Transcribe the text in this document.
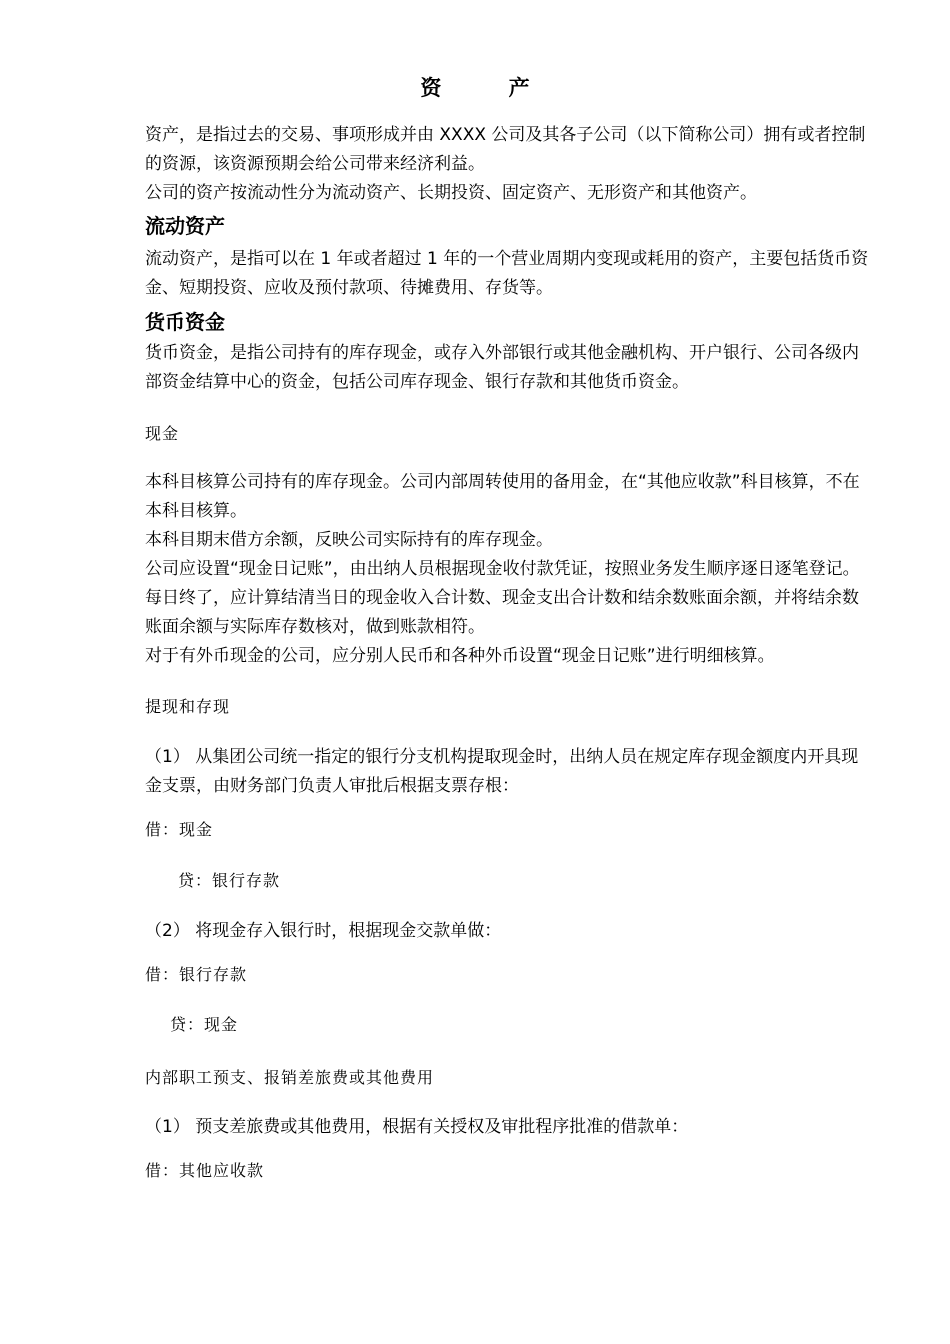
资 产

资产，是指过去的交易、事项形成并由 XXXX 公司及其各子公司（以下简称公司）拥有或者控制的资源，该资源预期会给公司带来经济利益。

公司的资产按流动性分为流动资产、长期投资、固定资产、无形资产和其他资产。

流动资产

流动资产，是指可以在 1 年或者超过 1 年的一个营业周期内变现或耗用的资产，主要包括货币资金、短期投资、应收及预付款项、待摊费用、存货等。

货币资金

货币资金，是指公司持有的库存现金，或存入外部银行或其他金融机构、开户银行、公司各级内部资金结算中心的资金，包括公司库存现金、银行存款和其他货币资金。

现金

本科目核算公司持有的库存现金。公司内部周转使用的备用金，在“其他应收款”科目核算，不在本科目核算。

本科目期末借方余额，反映公司实际持有的库存现金。

公司应设置“现金日记账”，由出纳人员根据现金收付款凭证，按照业务发生顺序逐日逐笔登记。每日终了，应计算结清当日的现金收入合计数、现金支出合计数和结余数账面余额，并将结余数账面余额与实际库存数核对，做到账款相符。

对于有外币现金的公司，应分别人民币和各种外币设置“现金日记账”进行明细核算。

提现和存现

（1） 从集团公司统一指定的银行分支机构提取现金时，出纳人员在规定库存现金额度内开具现金支票，由财务部门负责人审批后根据支票存根：

借：现金

贷：银行存款

（2） 将现金存入银行时，根据现金交款单做：

借：银行存款

贷：现金

内部职工预支、报销差旅费或其他费用

（1） 预支差旅费或其他费用，根据有关授权及审批程序批准的借款单：

借：其他应收款
